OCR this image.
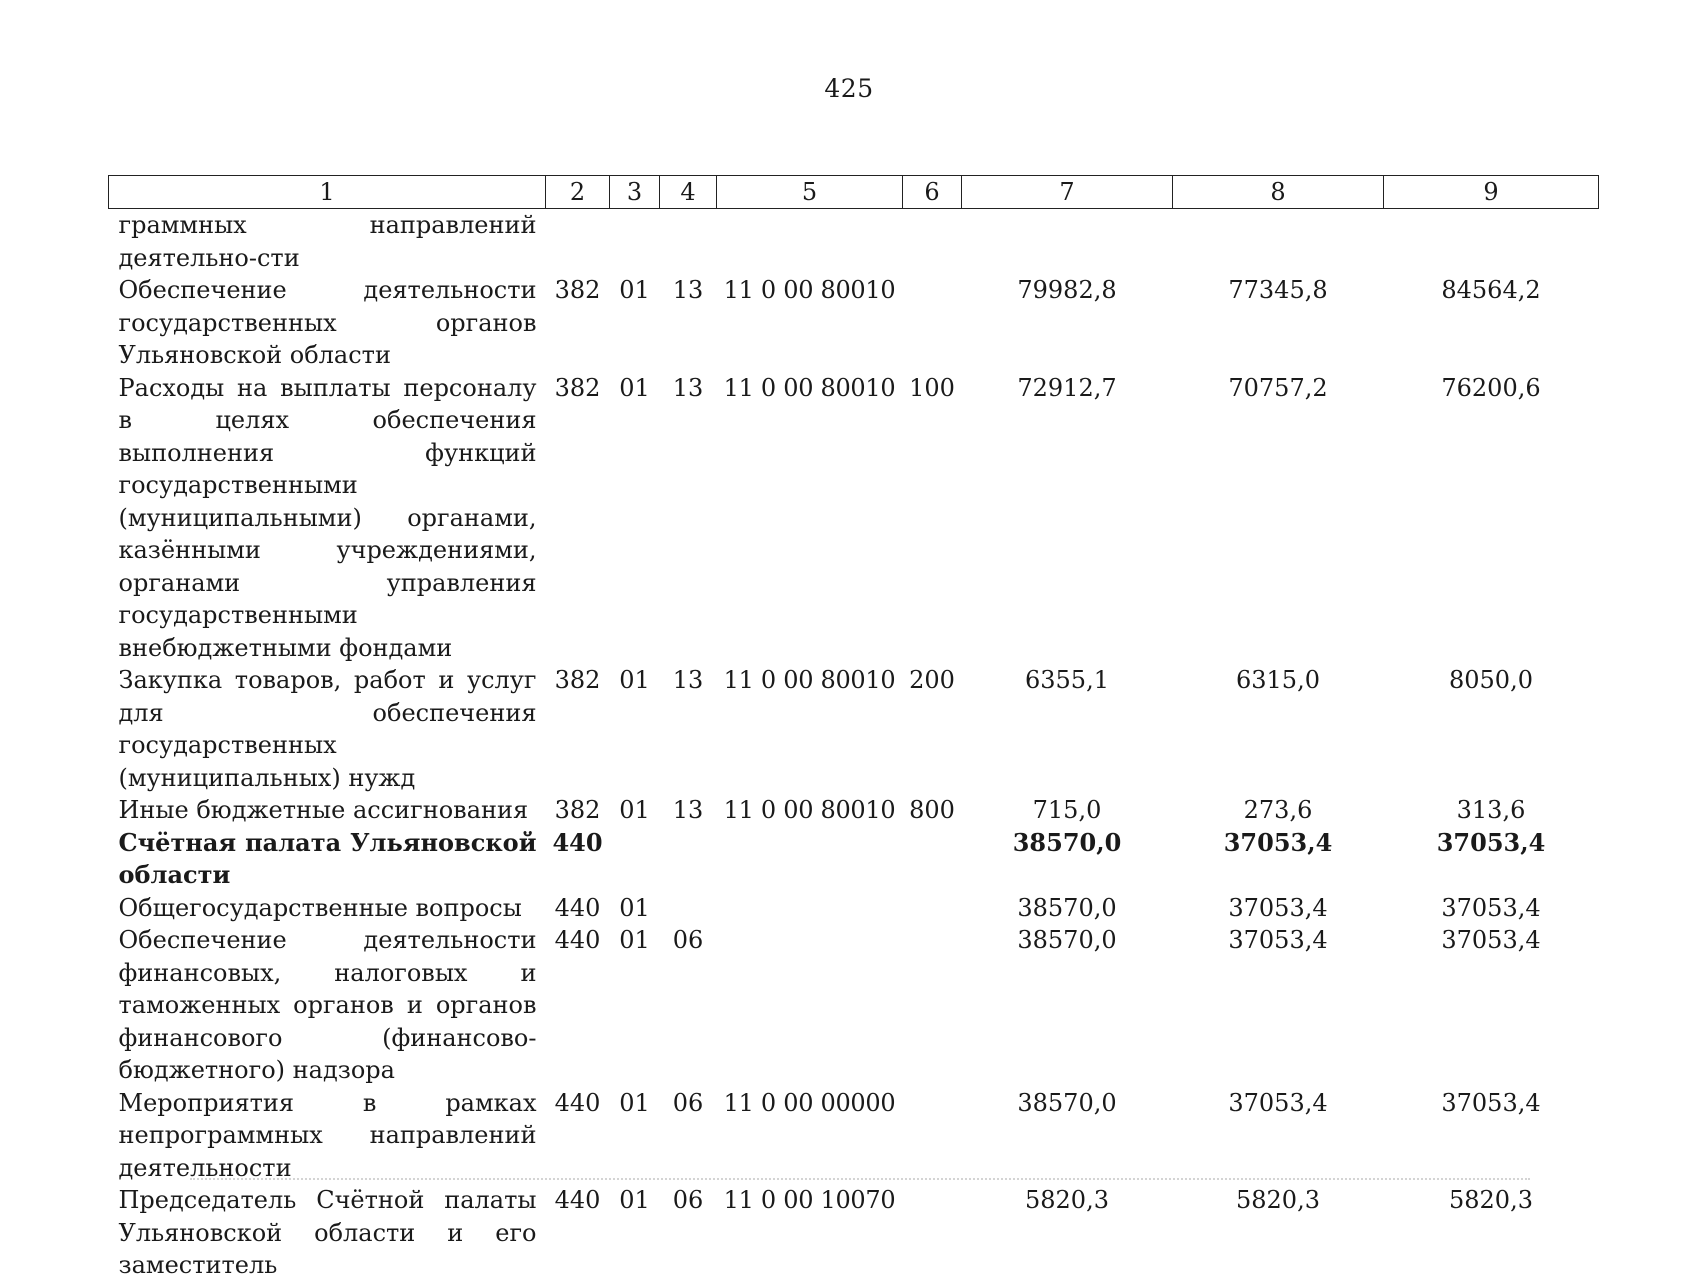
425
1	2	3	4	5	6	7	8	9
граммных направлений деятельно-сти								
Обеспечение деятельности государственных органов Ульяновской области	382	01	13	11 0 00 80010		79982,8	77345,8	84564,2
Расходы на выплаты персоналу в целях обеспечения выполнения функций государственными (муниципальными) органами, казёнными учреждениями, органами управления государственными внебюджетными фондами	382	01	13	11 0 00 80010	100	72912,7	70757,2	76200,6
Закупка товаров, работ и услуг для обеспечения государственных (муниципальных) нужд	382	01	13	11 0 00 80010	200	6355,1	6315,0	8050,0
Иные бюджетные ассигнования	382	01	13	11 0 00 80010	800	715,0	273,6	313,6
Счётная палата Ульяновской области	440					38570,0	37053,4	37053,4
Общегосударственные вопросы	440	01				38570,0	37053,4	37053,4
Обеспечение деятельности финансовых, налоговых и таможенных органов и органов финансового (финансово-бюджетного) надзора	440	01	06			38570,0	37053,4	37053,4
Мероприятия в рамках непрограммных направлений деятельности	440	01	06	11 0 00 00000		38570,0	37053,4	37053,4
Председатель Счётной палаты Ульяновской области и его заместитель	440	01	06	11 0 00 10070		5820,3	5820,3	5820,3
